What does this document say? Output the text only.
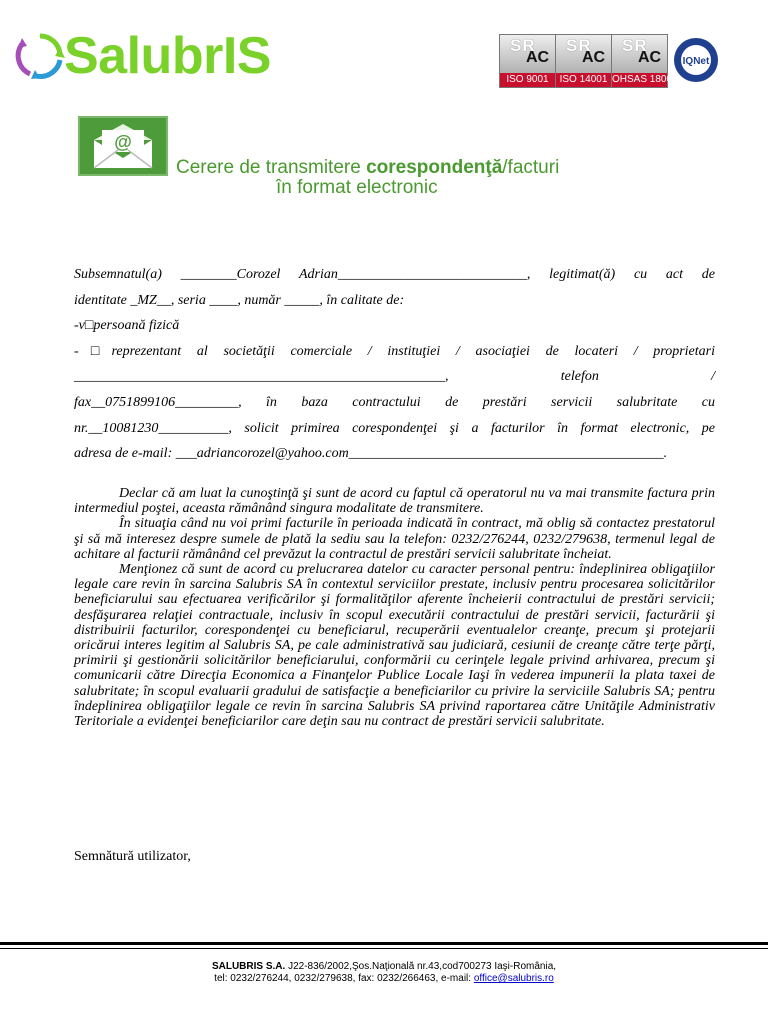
SalubrIS	SR
AC
ISO 9001
SR
AC
ISO 14001
SR
AC
OHSAS 18001
IQNet
@
Cerere de transmitere corespondenţă/facturi
în format electronic

Subsemnatul(a) ________Corozel Adrian___________________________, legitimat(ă) cu act de

identitate _MZ__, seria ____, număr _____, în calitate de:

-v□persoană fizică

-□reprezentant al societăţii comerciale / instituţiei / asociaţiei de locateri / proprietari

_____________________________________________________, telefon /

fax__0751899106_________, în baza contractului de prestări servicii salubritate cu

nr.__10081230__________, solicit primirea corespondenţei şi a facturilor în format electronic, pe

adresa de e-mail: ___adriancorozel@yahoo.com_____________________________________________.

Declar că am luat la cunoştinţă şi sunt de acord cu faptul că operatorul nu va mai transmite factura prin intermediul poştei, aceasta rămânând singura modalitate de transmitere.

În situaţia când nu voi primi facturile în perioada indicată în contract, mă oblig să contactez prestatorul şi să mă interesez despre sumele de plată la sediu sau la telefon: 0232/276244, 0232/279638, termenul legal de achitare al facturii rămânând cel prevăzut la contractul de prestări servicii salubritate încheiat.

Menţionez că sunt de acord cu prelucrarea datelor cu caracter personal pentru: îndeplinirea obligaţiilor legale care revin în sarcina Salubris SA în contextul serviciilor prestate, inclusiv pentru procesarea solicitărilor beneficiarului sau efectuarea verificărilor şi formalităţilor aferente încheierii contractului de prestări servicii; desfăşurarea relaţiei contractuale, inclusiv în scopul executării contractului de prestări servicii, facturării şi distribuirii facturilor, corespondenţei cu beneficiarul, recuperării eventualelor creanţe, precum şi protejarii oricărui interes legitim al Salubris SA, pe cale administrativă sau judiciară, cesiunii de creanţe către terţe părţi, primirii şi gestionării solicitărilor beneficiarului, conformării cu cerinţele legale privind arhivarea, precum şi comunicarii către Direcţia Economica a Finanţelor Publice Locale Iaşi în vederea impunerii la plata taxei de salubritate; în scopul evaluarii gradului de satisfacţie a beneficiarilor cu privire la serviciile Salubris SA; pentru îndeplinirea obligaţiilor legale ce revin în sarcina Salubris SA privind raportarea către Unităţile Administrativ Teritoriale a evidenţei beneficiarilor care deţin sau nu contract de prestări servicii salubritate.

Semnătură utilizator,
SALUBRIS S.A. J22-836/2002,Şos.Naţională nr.43,cod700273 Iaşi-România,
tel: 0232/276244, 0232/279638, fax: 0232/266463, e-mail: office@salubris.ro
